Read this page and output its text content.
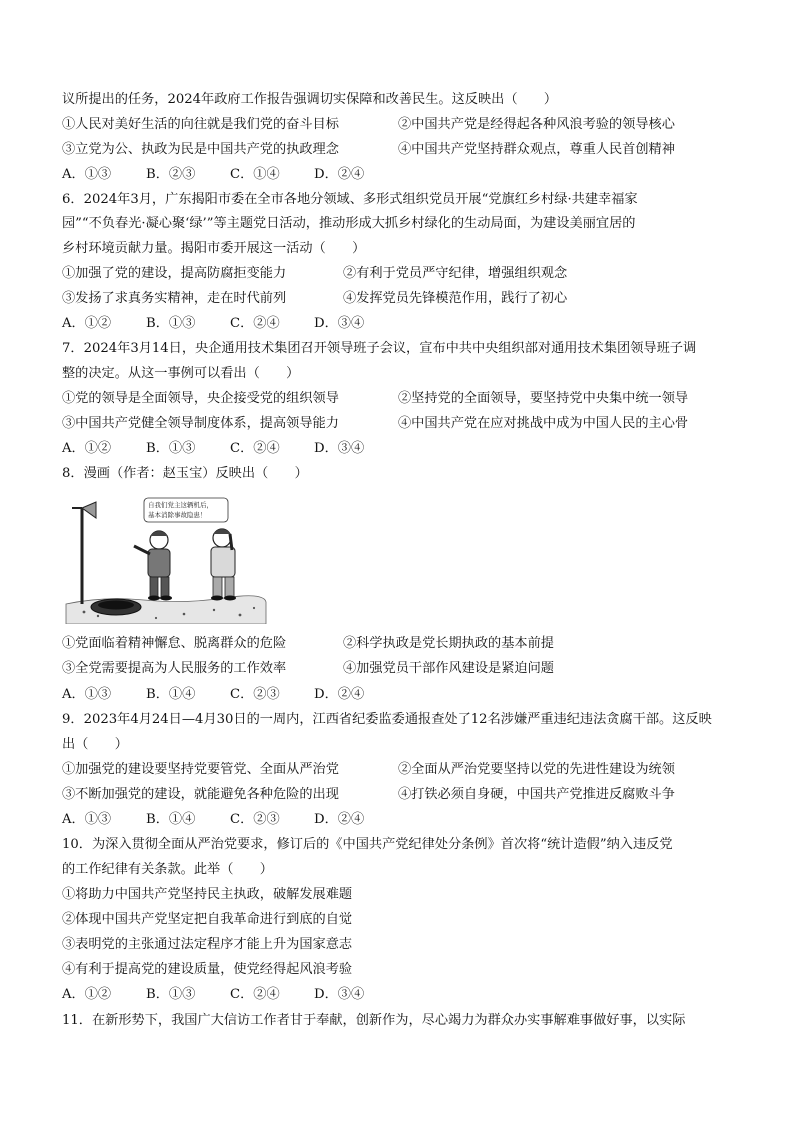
议所提出的任务，2024年政府工作报告强调切实保障和改善民生。这反映出（　　）
①人民对美好生活的向往就是我们党的奋斗目标	②中国共产党是经得起各种风浪考验的领导核心
③立党为公、执政为民是中国共产党的执政理念	④中国共产党坚持群众观点，尊重人民首创精神
A．①③	B．②③	C．①④	D．②④
6．2024年3月，广东揭阳市委在全市各地分领域、多形式组织党员开展“党旗红乡村绿·共建幸福家
园”“不负春光·凝心聚‘绿’”等主题党日活动，推动形成大抓乡村绿化的生动局面，为建设美丽宜居的
乡村环境贡献力量。揭阳市委开展这一活动（　　）
①加强了党的建设，提高防腐拒变能力	②有利于党员严守纪律，增强组织观念
③发扬了求真务实精神，走在时代前列	④发挥党员先锋模范作用，践行了初心
A．①②	B．①③	C．②④	D．③④
7．2024年3月14日，央企通用技术集团召开领导班子会议，宣布中共中央组织部对通用技术集团领导班子调
整的决定。从这一事例可以看出（　　）
①党的领导是全面领导，央企接受党的组织领导	②坚持党的全面领导，要坚持党中央集中统一领导
③中国共产党健全领导制度体系，提高领导能力	④中国共产党在应对挑战中成为中国人民的主心骨
A．①②	B．①③	C．②④	D．③④
8．漫画（作者：赵玉宝）反映出（　　）
自我们党主这辆机后，
基本消除事故隐患！
①党面临着精神懈怠、脱离群众的危险	②科学执政是党长期执政的基本前提
③全党需要提高为人民服务的工作效率	④加强党员干部作风建设是紧迫问题
A．①③	B．①④	C．②③	D．②④
9．2023年4月24日—4月30日的一周内，江西省纪委监委通报查处了12名涉嫌严重违纪违法贪腐干部。这反映
出（　　）
①加强党的建设要坚持党要管党、全面从严治党	②全面从严治党要坚持以党的先进性建设为统领
③不断加强党的建设，就能避免各种危险的出现	④打铁必须自身硬，中国共产党推进反腐败斗争
A．①③	B．①④	C．②③	D．②④
10．为深入贯彻全面从严治党要求，修订后的《中国共产党纪律处分条例》首次将“统计造假”纳入违反党
的工作纪律有关条款。此举（　　）
①将助力中国共产党坚持民主执政，破解发展难题
②体现中国共产党坚定把自我革命进行到底的自觉
③表明党的主张通过法定程序才能上升为国家意志
④有利于提高党的建设质量，使党经得起风浪考验
A．①②	B．①③	C．②④	D．③④
11．在新形势下，我国广大信访工作者甘于奉献，创新作为，尽心竭力为群众办实事解难事做好事，以实际
